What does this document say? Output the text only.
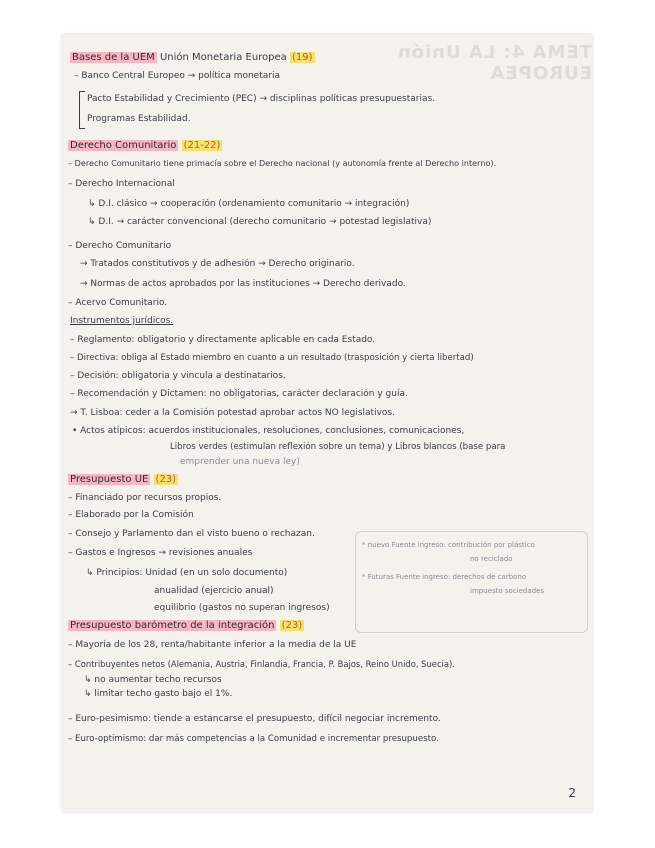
TEMA 4: LA Unión EUROPEA
Bases de la UEM Unión Monetaria Europea (19)
– Banco Central Europeo → política monetaria
Pacto Estabilidad y Crecimiento (PEC) → disciplinas políticas presupuestarias.
Programas Estabilidad.
Derecho Comunitario (21-22)
– Derecho Comunitario tiene primacía sobre el Derecho nacional (y autonomía frente al Derecho interno).
– Derecho Internacional
↳ D.I. clásico → cooperación (ordenamiento comunitario → integración)
↳ D.I. → carácter convencional (derecho comunitario → potestad legislativa)
– Derecho Comunitario
→ Tratados constitutivos y de adhesión → Derecho originario.
→ Normas de actos aprobados por las instituciones → Derecho derivado.
– Acervo Comunitario.
Instrumentos jurídicos.
– Reglamento: obligatorio y directamente aplicable en cada Estado.
– Directiva: obliga al Estado miembro en cuanto a un resultado (trasposición y cierta libertad)
– Decisión: obligatoria y vincula a destinatarios.
– Recomendación y Dictamen: no obligatorias, carácter declaración y guía.
→ T. Lisboa: ceder a la Comisión potestad aprobar actos NO legislativos.
• Actos atípicos: acuerdos institucionales, resoluciones, conclusiones, comunicaciones,
Libros verdes (estimulan reflexión sobre un tema) y Libros blancos (base para
emprender una nueva ley)
Presupuesto UE (23)
– Financiado por recursos propios.
– Elaborado por la Comisión
– Consejo y Parlamento dan el visto bueno o rechazan.
– Gastos e Ingresos → revisiones anuales
↳ Principios: Unidad (en un solo documento)
anualidad (ejercicio anual)
equilibrio (gastos no superan ingresos)
* nuevo Fuente ingreso: contribución por plástico
no reciclado
* Futuras Fuente ingreso: derechos de carbono
impuesto sociedades
Presupuesto barómetro de la integración (23)
– Mayoría de los 28, renta/habitante inferior a la media de la UE
– Contribuyentes netos (Alemania, Austria, Finlandia, Francia, P. Bajos, Reino Unido, Suecia).
↳ no aumentar techo recursos
↳ limitar techo gasto bajo el 1%.
– Euro-pesimismo: tiende a estancarse el presupuesto, difícil negociar incremento.
– Euro-optimismo: dar más competencias a la Comunidad e incrementar presupuesto.
2
